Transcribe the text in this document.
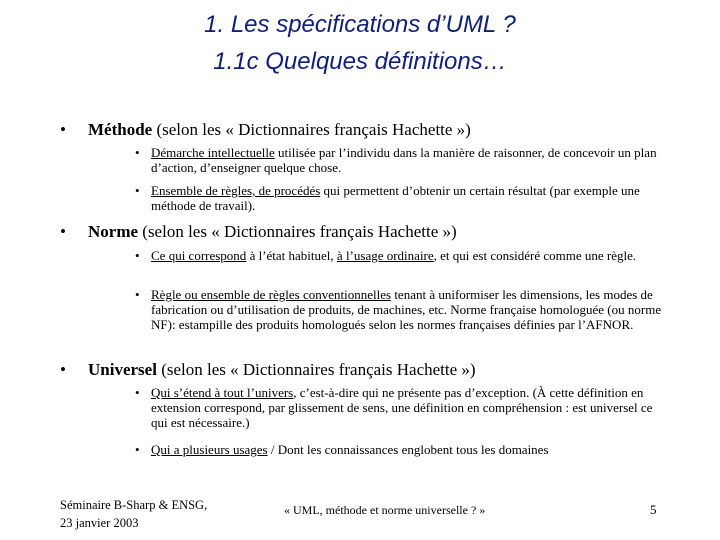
1. Les spécifications d’UML ?
1.1c Quelques définitions…
• Méthode (selon les « Dictionnaires français Hachette »)
• Démarche intellectuelle utilisée par l’individu dans la manière de raisonner, de concevoir un plan d’action, d’enseigner quelque chose.
• Ensemble de règles, de procédés qui permettent d’obtenir un certain résultat (par exemple une méthode de travail).
• Norme (selon les « Dictionnaires français Hachette »)
• Ce qui correspond à l’état habituel, à l’usage ordinaire, et qui est considéré comme une règle.
• Règle ou ensemble de règles conventionnelles tenant à uniformiser les dimensions, les modes de fabrication ou d’utilisation de produits, de machines, etc. Norme française homologuée (ou norme NF): estampille des produits homologués selon les normes françaises définies par l’AFNOR.
• Universel (selon les « Dictionnaires français Hachette »)
• Qui s’étend à tout l’univers, c’est-à-dire qui ne présente pas d’exception. (À cette définition en extension correspond, par glissement de sens, une définition en compréhension : est universel ce qui est nécessaire.)
• Qui a plusieurs usages / Dont les connaissances englobent tous les domaines
Séminaire B-Sharp & ENSG,
23 janvier 2003
« UML, méthode et norme universelle ? »	5
